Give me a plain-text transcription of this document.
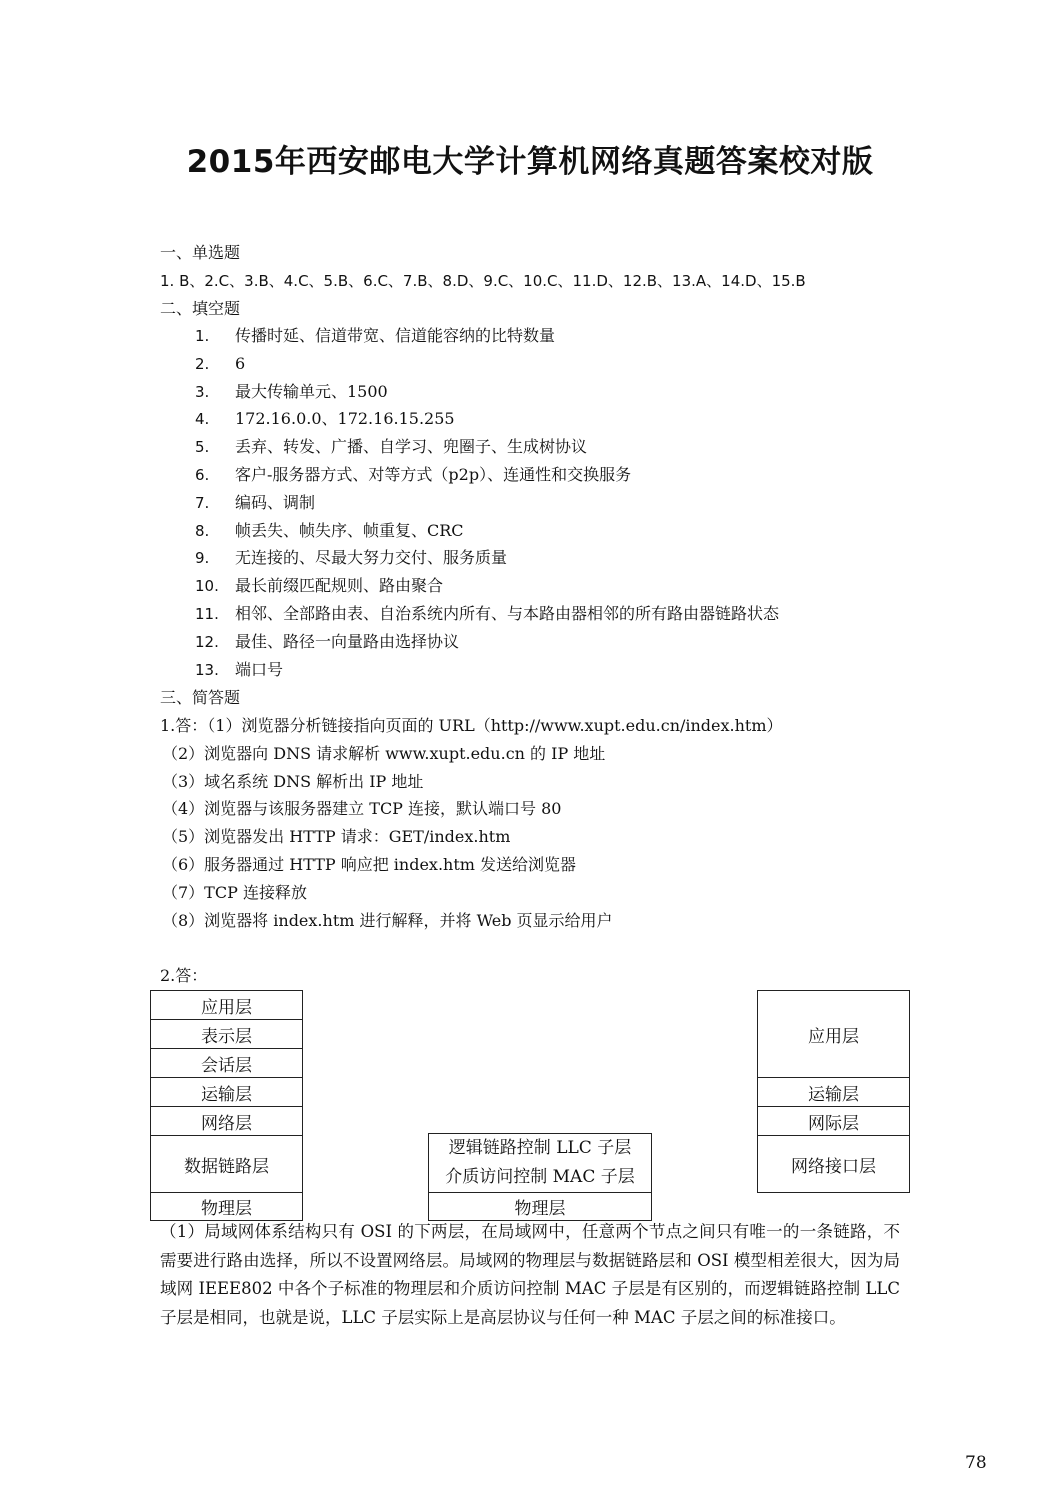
2015年西安邮电大学计算机网络真题答案校对版
一、单选题
1. B、2.C、3.B、4.C、5.B、6.C、7.B、8.D、9.C、10.C、11.D、12.B、13.A、14.D、15.B
二、填空题
1. 传播时延、信道带宽、信道能容纳的比特数量
2. 6
3. 最大传输单元、1500
4. 172.16.0.0、172.16.15.255
5. 丢弃、转发、广播、自学习、兜圈子、生成树协议
6. 客户-服务器方式、对等方式（p2p）、连通性和交换服务
7. 编码、调制
8. 帧丢失、帧失序、帧重复、CRC
9. 无连接的、尽最大努力交付、服务质量
10. 最长前缀匹配规则、路由聚合
11. 相邻、全部路由表、自治系统内所有、与本路由器相邻的所有路由器链路状态
12. 最佳、路径一向量路由选择协议
13. 端口号
三、简答题
1.答：（1）浏览器分析链接指向页面的 URL（http://www.xupt.edu.cn/index.htm）
（2）浏览器向 DNS 请求解析 www.xupt.edu.cn 的 IP 地址
（3）域名系统 DNS 解析出 IP 地址
（4）浏览器与该服务器建立 TCP 连接，默认端口号 80
（5）浏览器发出 HTTP 请求：GET/index.htm
（6）服务器通过 HTTP 响应把 index.htm 发送给浏览器
（7）TCP 连接释放
（8）浏览器将 index.htm 进行解释，并将 Web 页显示给用户
2.答：
应用层
表示层
会话层
运输层
网络层
数据链路层
物理层
逻辑链路控制 LLC 子层
介质访问控制 MAC 子层

物理层
应用层
运输层
网际层
网络接口层
（1）局域网体系结构只有 OSI 的下两层，在局域网中，任意两个节点之间只有唯一的一条链路，不需要进行路由选择，所以不设置网络层。局域网的物理层与数据链路层和 OSI 模型相差很大，因为局域网 IEEE802 中各个子标准的物理层和介质访问控制 MAC 子层是有区别的，而逻辑链路控制 LLC 子层是相同，也就是说，LLC 子层实际上是高层协议与任何一种 MAC 子层之间的标准接口。
78
